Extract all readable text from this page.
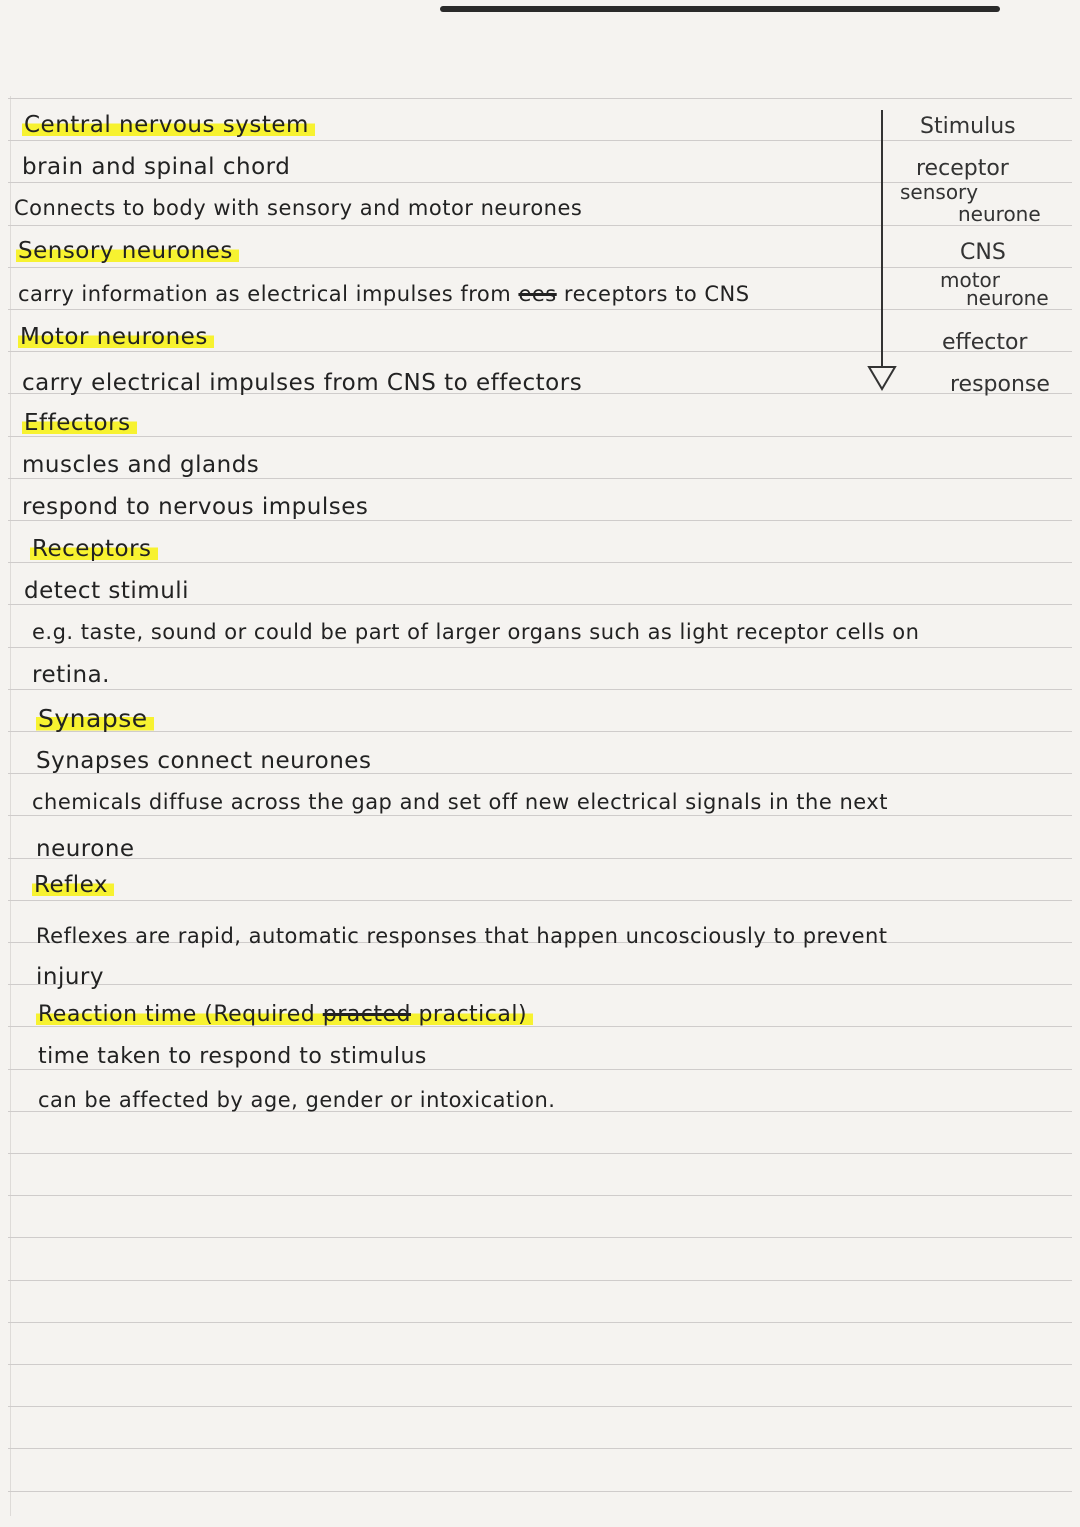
Central nervous system
brain and spinal chord
Connects to body with sensory and motor neurones
Sensory neurones
carry information as electrical impulses from ees receptors to CNS
Motor neurones
carry electrical impulses from CNS to effectors
Effectors
muscles and glands
respond to nervous impulses
Receptors
detect stimuli
e.g. taste, sound or could be part of larger organs such as light receptor cells on
retina.
Synapse
Synapses connect neurones
chemicals diffuse across the gap and set off new electrical signals in the next
neurone
Reflex
Reflexes are rapid, automatic responses that happen uncosciously to prevent
injury
Reaction time (Required practed practical)
time taken to respond to stimulus
can be affected by age, gender or intoxication.
Stimulus
receptor
sensory
neurone
CNS
motor
neurone
effector
response
